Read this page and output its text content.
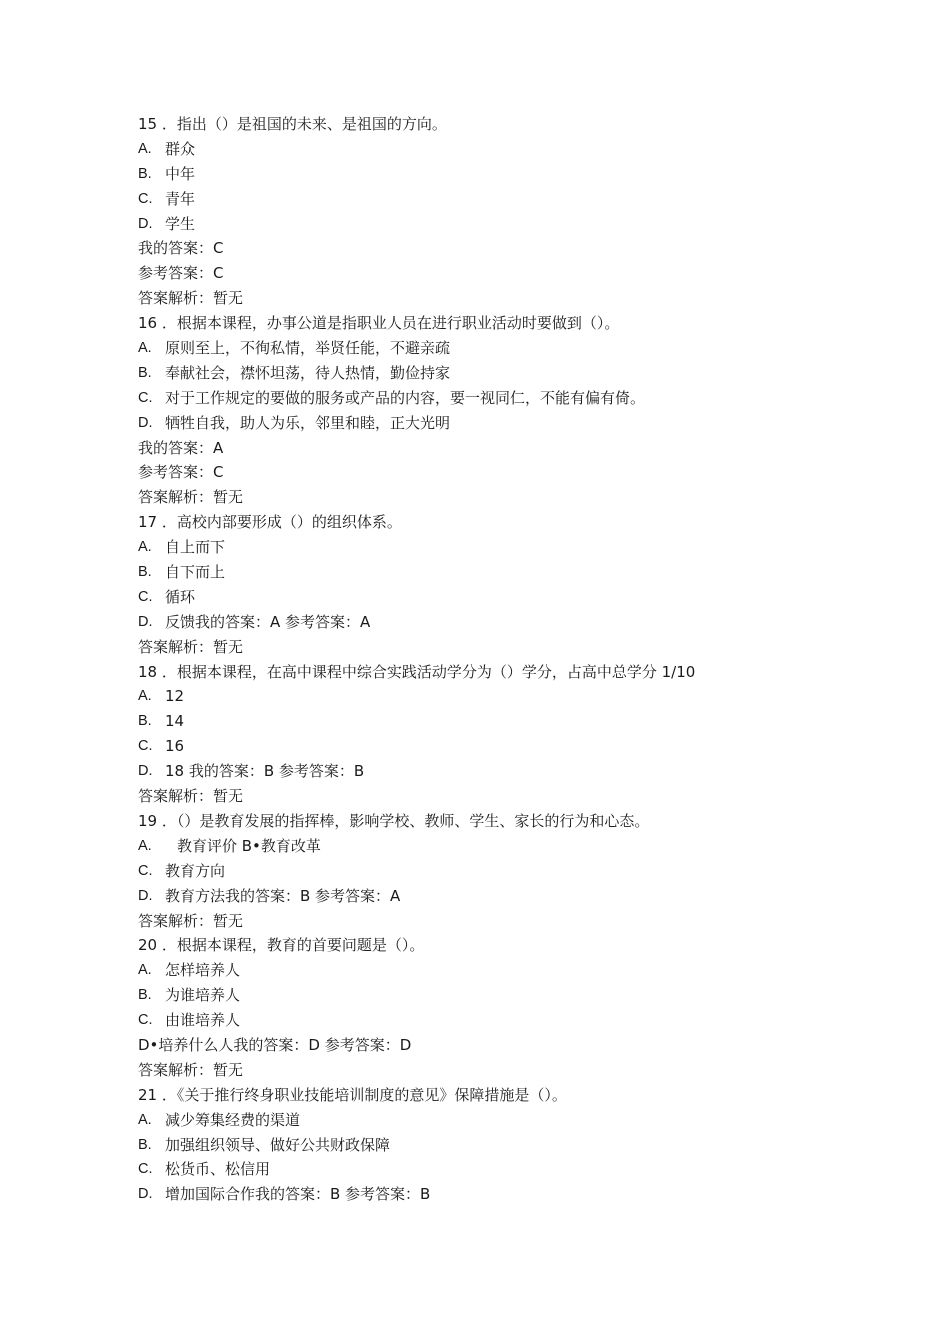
15 ．指出（）是祖国的未来、是祖国的方向。
A. 群众
B. 中年
C. 青年
D. 学生
我的答案：C
参考答案：C
答案解析：暂无
16 ．根据本课程，办事公道是指职业人员在进行职业活动时要做到（）。
A. 原则至上，不徇私情，举贤任能，不避亲疏
B. 奉献社会，襟怀坦荡，待人热情，勤俭持家
C. 对于工作规定的要做的服务或产品的内容，要一视同仁，不能有偏有倚。
D. 牺牲自我，助人为乐，邻里和睦，正大光明
我的答案：A
参考答案：C
答案解析：暂无
17 ．高校内部要形成（）的组织体系。
A. 自上而下
B. 自下而上
C. 循环
D. 反馈我的答案：A 参考答案：A
答案解析：暂无
18 ．根据本课程，在高中课程中综合实践活动学分为（）学分，占高中总学分 1/10
A. 12
B. 14
C. 16
D. 18 我的答案：B 参考答案：B
答案解析：暂无
19 ．（）是教育发展的指挥棒，影响学校、教师、学生、家长的行为和心态。
A.	教育评价 B•教育改革
C. 教育方向
D. 教育方法我的答案：B 参考答案：A
答案解析：暂无
20 ．根据本课程，教育的首要问题是（）。
A. 怎样培养人
B. 为谁培养人
C. 由谁培养人
D•培养什么人我的答案：D 参考答案：D
答案解析：暂无
21 ．《关于推行终身职业技能培训制度的意见》保障措施是（）。
A. 减少筹集经费的渠道
B. 加强组织领导、做好公共财政保障
C. 松货币、松信用
D. 增加国际合作我的答案：B 参考答案：B
